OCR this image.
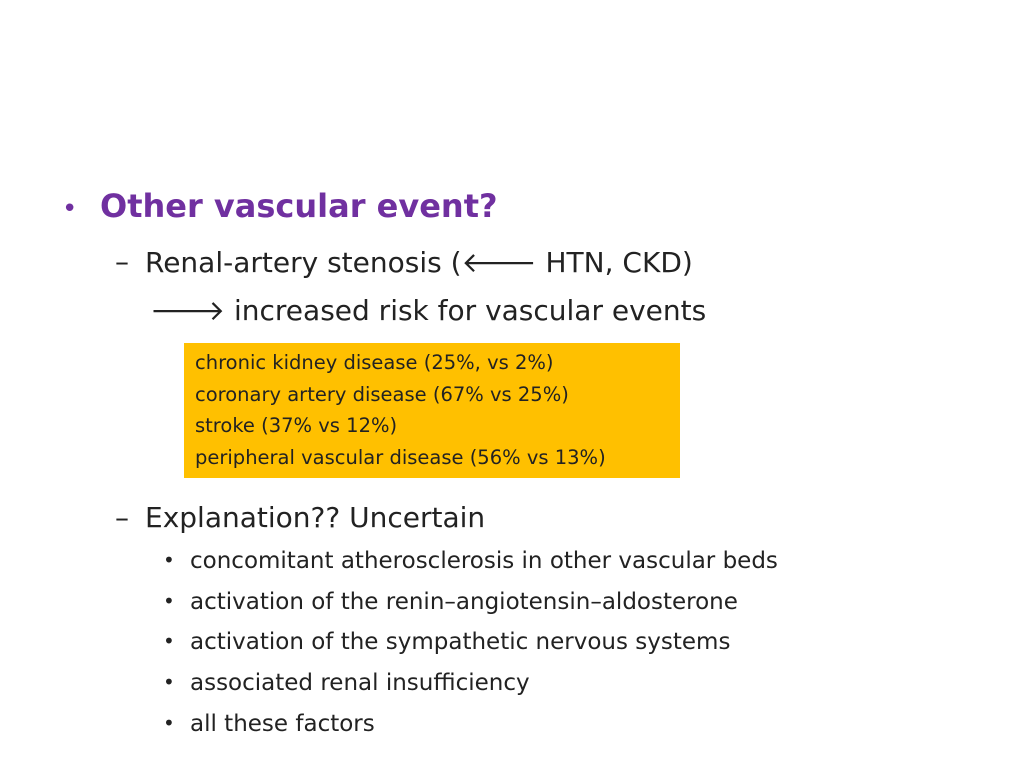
• Other vascular event?
– Renal-artery stenosis (🡐 HTN, CKD)
🡒 increased risk for vascular events
chronic kidney disease (25%, vs 2%)
coronary artery disease (67% vs 25%)
stroke (37% vs 12%)
peripheral vascular disease (56% vs 13%)
– Explanation?? Uncertain
• concomitant atherosclerosis in other vascular beds
• activation of the renin–angiotensin–aldosterone
• activation of the sympathetic nervous systems
• associated renal insufficiency
• all these factors
